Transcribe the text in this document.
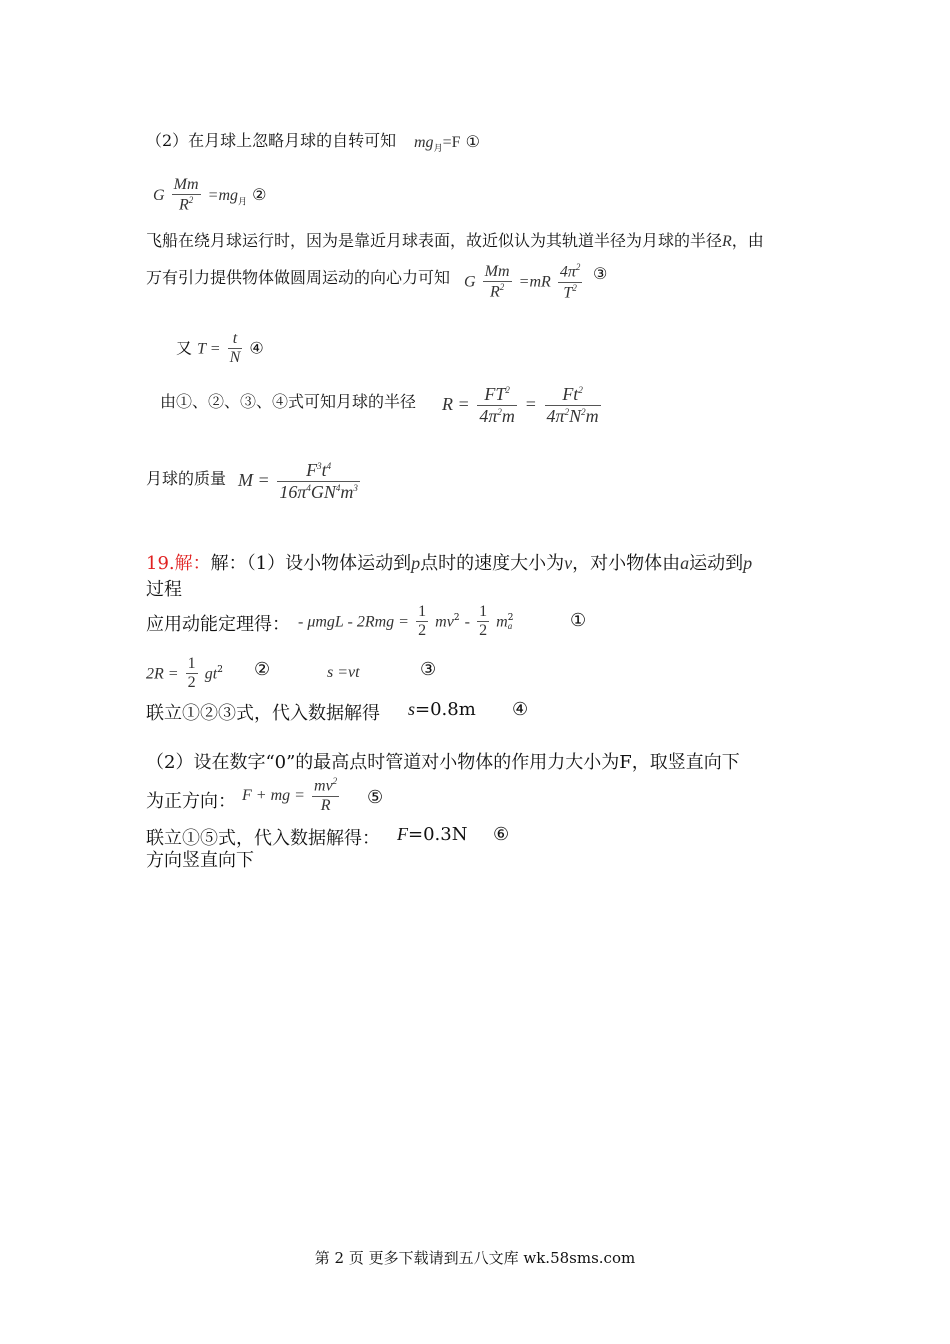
（2）在月球上忽略月球的自转可知 $mg_月=F$ ①
G $\frac{Mm}{R^2} =mg_月$ ②
飞船在绕月球运行时，因为是靠近月球表面，故近似认为其轨道半径为月球的半径R，由
万有引力提供物体做圆周运动的向心力可知 G $\frac{Mm}{R^2} =mR \frac{4\pi^2}{T^2}$ ③
又 $T = \frac{t}{N}$ ④
由①、②、③、④式可知月球的半径 $R = \frac{FT^2}{4\pi^2m} = \frac{Ft^2}{4\pi^2N^2m}$
月球的质量 $M = \frac{F^3t^4}{16\pi^4GN^4m^3}$
19.解：解：（1）设小物体运动到p点时的速度大小为v，对小物体由a运动到p
过程
应用动能定理得： - $\mu mgL - 2Rmg = \frac{1}{2} mv^2 - \frac{1}{2}$ m 2
a	①
$2R = \frac{1}{2} gt^2$ ②	s =vt	③
联立①②③式，代入数据解得 s=0.8m ④
（2）设在数字“0”的最高点时管道对小物体的作用力大小为F，取竖直向下
为正方向： F + mg = $\frac{mv^2}{R}$ ⑤
联立①⑤式，代入数据解得： F=0.3N ⑥
方向竖直向下
第 2 页 更多下载请到五八文库 wk.58sms.com
